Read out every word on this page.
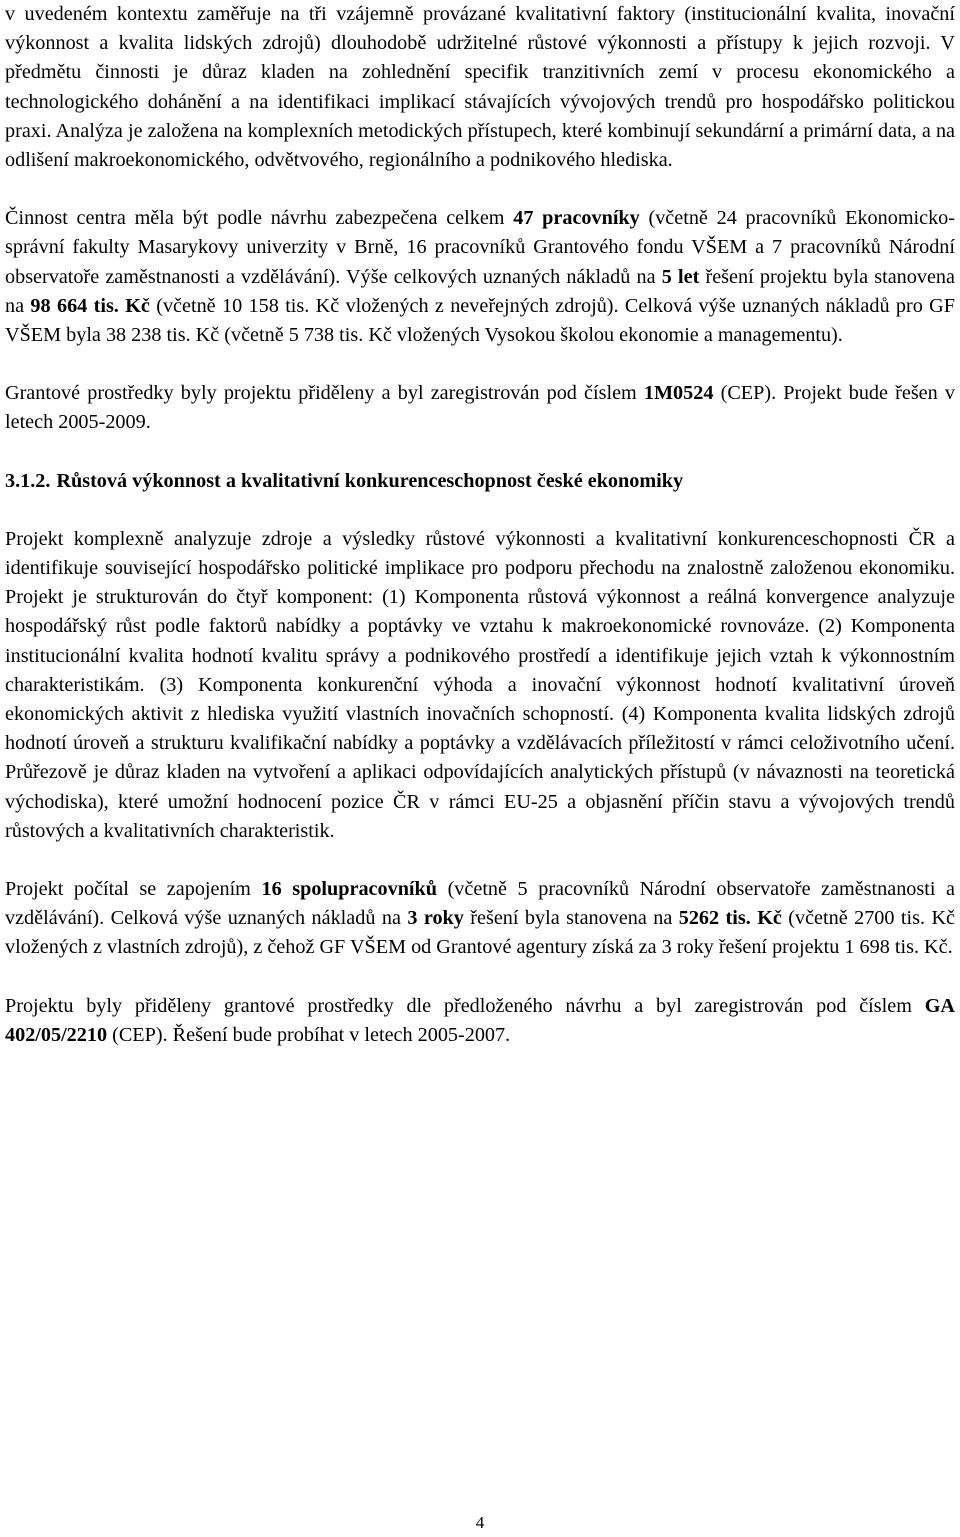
v uvedeném kontextu zaměřuje na tři vzájemně provázané kvalitativní faktory (institucionální kvalita, inovační výkonnost a kvalita lidských zdrojů) dlouhodobě udržitelné růstové výkonnosti a přístupy k jejich rozvoji. V předmětu činnosti je důraz kladen na zohlednění specifik tranzitivních zemí v procesu ekonomického a technologického dohánění a na identifikaci implikací stávajících vývojových trendů pro hospodářsko politickou praxi. Analýza je založena na komplexních metodických přístupech, které kombinují sekundární a primární data, a na odlišení makroekonomického, odvětvového, regionálního a podnikového hlediska.

Činnost centra měla být podle návrhu zabezpečena celkem 47 pracovníky (včetně 24 pracovníků Ekonomicko-správní fakulty Masarykovy univerzity v Brně, 16 pracovníků Grantového fondu VŠEM a 7 pracovníků Národní observatoře zaměstnanosti a vzdělávání). Výše celkových uznaných nákladů na 5 let řešení projektu byla stanovena na 98 664 tis. Kč (včetně 10 158 tis. Kč vložených z neveřejných zdrojů). Celková výše uznaných nákladů pro GF VŠEM byla 38 238 tis. Kč (včetně 5 738 tis. Kč vložených Vysokou školou ekonomie a managementu).

Grantové prostředky byly projektu přiděleny a byl zaregistrován pod číslem 1M0524 (CEP). Projekt bude řešen v letech 2005-2009.

3.1.2. Růstová výkonnost a kvalitativní konkurenceschopnost české ekonomiky

Projekt komplexně analyzuje zdroje a výsledky růstové výkonnosti a kvalitativní konkurenceschopnosti ČR a identifikuje související hospodářsko politické implikace pro podporu přechodu na znalostně založenou ekonomiku. Projekt je strukturován do čtyř komponent: (1) Komponenta růstová výkonnost a reálná konvergence analyzuje hospodářský růst podle faktorů nabídky a poptávky ve vztahu k makroekonomické rovnováze. (2) Komponenta institucionální kvalita hodnotí kvalitu správy a podnikového prostředí a identifikuje jejich vztah k výkonnostním charakteristikám. (3) Komponenta konkurenční výhoda a inovační výkonnost hodnotí kvalitativní úroveň ekonomických aktivit z hlediska využití vlastních inovačních schopností. (4) Komponenta kvalita lidských zdrojů hodnotí úroveň a strukturu kvalifikační nabídky a poptávky a vzdělávacích příležitostí v rámci celoživotního učení. Průřezově je důraz kladen na vytvoření a aplikaci odpovídajících analytických přístupů (v návaznosti na teoretická východiska), které umožní hodnocení pozice ČR v rámci EU-25 a objasnění příčin stavu a vývojových trendů růstových a kvalitativních charakteristik.

Projekt počítal se zapojením 16 spolupracovníků (včetně 5 pracovníků Národní observatoře zaměstnanosti a vzdělávání). Celková výše uznaných nákladů na 3 roky řešení byla stanovena na 5262 tis. Kč (včetně 2700 tis. Kč vložených z vlastních zdrojů), z čehož GF VŠEM od Grantové agentury získá za 3 roky řešení projektu 1 698 tis. Kč.

Projektu byly přiděleny grantové prostředky dle předloženého návrhu a byl zaregistrován pod číslem GA 402/05/2210 (CEP). Řešení bude probíhat v letech 2005-2007.

4
